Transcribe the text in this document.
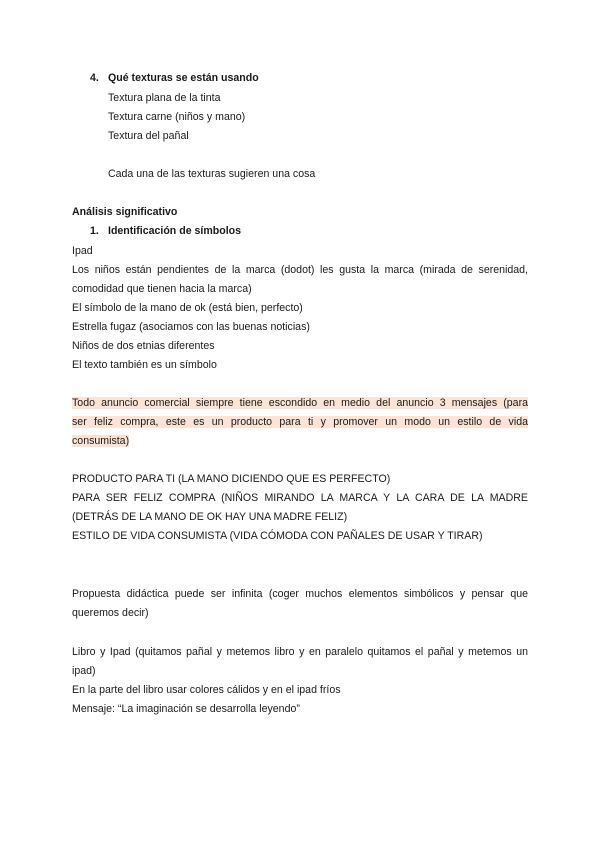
4. Qué texturas se están usando
Textura plana de la tinta
Textura carne (niños y mano)
Textura del pañal
Cada una de las texturas sugieren una cosa
Análisis significativo
1. Identificación de símbolos
Ipad
Los niños están pendientes de la marca (dodot) les gusta la marca (mirada de serenidad,
comodidad que tienen hacia la marca)
El símbolo de la mano de ok (está bien, perfecto)
Estrella fugaz (asociamos con las buenas noticias)
Niños de dos etnias diferentes
El texto también es un símbolo
Todo anuncio comercial siempre tiene escondido en medio del anuncio 3 mensajes (para
ser feliz compra, este es un producto para ti y promover un modo un estilo de vida
consumista)
PRODUCTO PARA TI (LA MANO DICIENDO QUE ES PERFECTO)
PARA SER FELIZ COMPRA (NIÑOS MIRANDO LA MARCA Y LA CARA DE LA MADRE
(DETRÁS DE LA MANO DE OK HAY UNA MADRE FELIZ)
ESTILO DE VIDA CONSUMISTA (VIDA CÓMODA CON PAÑALES DE USAR Y TIRAR)
Propuesta didáctica puede ser infinita (coger muchos elementos simbólicos y pensar que
queremos decir)
Libro y Ipad (quitamos pañal y metemos libro y en paralelo quitamos el pañal y metemos un
ipad)
En la parte del libro usar colores cálidos y en el ipad fríos
Mensaje: “La imaginación se desarrolla leyendo”
